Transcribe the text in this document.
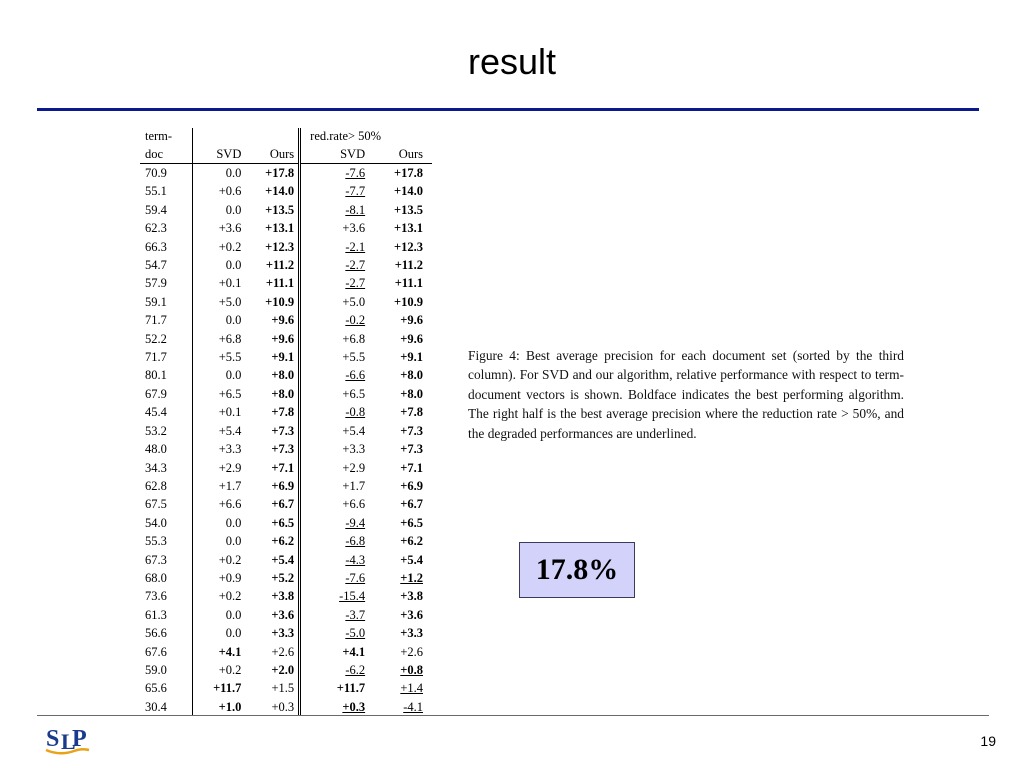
result
term-			red.rate> 50%	
doc	SVD	Ours	SVD	Ours
70.9	0.0	+17.8	-7.6	+17.8
55.1	+0.6	+14.0	-7.7	+14.0
59.4	0.0	+13.5	-8.1	+13.5
62.3	+3.6	+13.1	+3.6	+13.1
66.3	+0.2	+12.3	-2.1	+12.3
54.7	0.0	+11.2	-2.7	+11.2
57.9	+0.1	+11.1	-2.7	+11.1
59.1	+5.0	+10.9	+5.0	+10.9
71.7	0.0	+9.6	-0.2	+9.6
52.2	+6.8	+9.6	+6.8	+9.6
71.7	+5.5	+9.1	+5.5	+9.1
80.1	0.0	+8.0	-6.6	+8.0
67.9	+6.5	+8.0	+6.5	+8.0
45.4	+0.1	+7.8	-0.8	+7.8
53.2	+5.4	+7.3	+5.4	+7.3
48.0	+3.3	+7.3	+3.3	+7.3
34.3	+2.9	+7.1	+2.9	+7.1
62.8	+1.7	+6.9	+1.7	+6.9
67.5	+6.6	+6.7	+6.6	+6.7
54.0	0.0	+6.5	-9.4	+6.5
55.3	0.0	+6.2	-6.8	+6.2
67.3	+0.2	+5.4	-4.3	+5.4
68.0	+0.9	+5.2	-7.6	+1.2
73.6	+0.2	+3.8	-15.4	+3.8
61.3	0.0	+3.6	-3.7	+3.6
56.6	0.0	+3.3	-5.0	+3.3
67.6	+4.1	+2.6	+4.1	+2.6
59.0	+0.2	+2.0	-6.2	+0.8
65.6	+11.7	+1.5	+11.7	+1.4
30.4	+1.0	+0.3	+0.3	-4.1
Figure 4: Best average precision for each document set (sorted by the third column). For SVD and our algorithm, relative performance with respect to term-document vectors is shown. Boldface indicates the best performing algorithm. The right half is the best average precision where the reduction rate > 50%, and the degraded performances are underlined.
17.8%
S L
P	19
